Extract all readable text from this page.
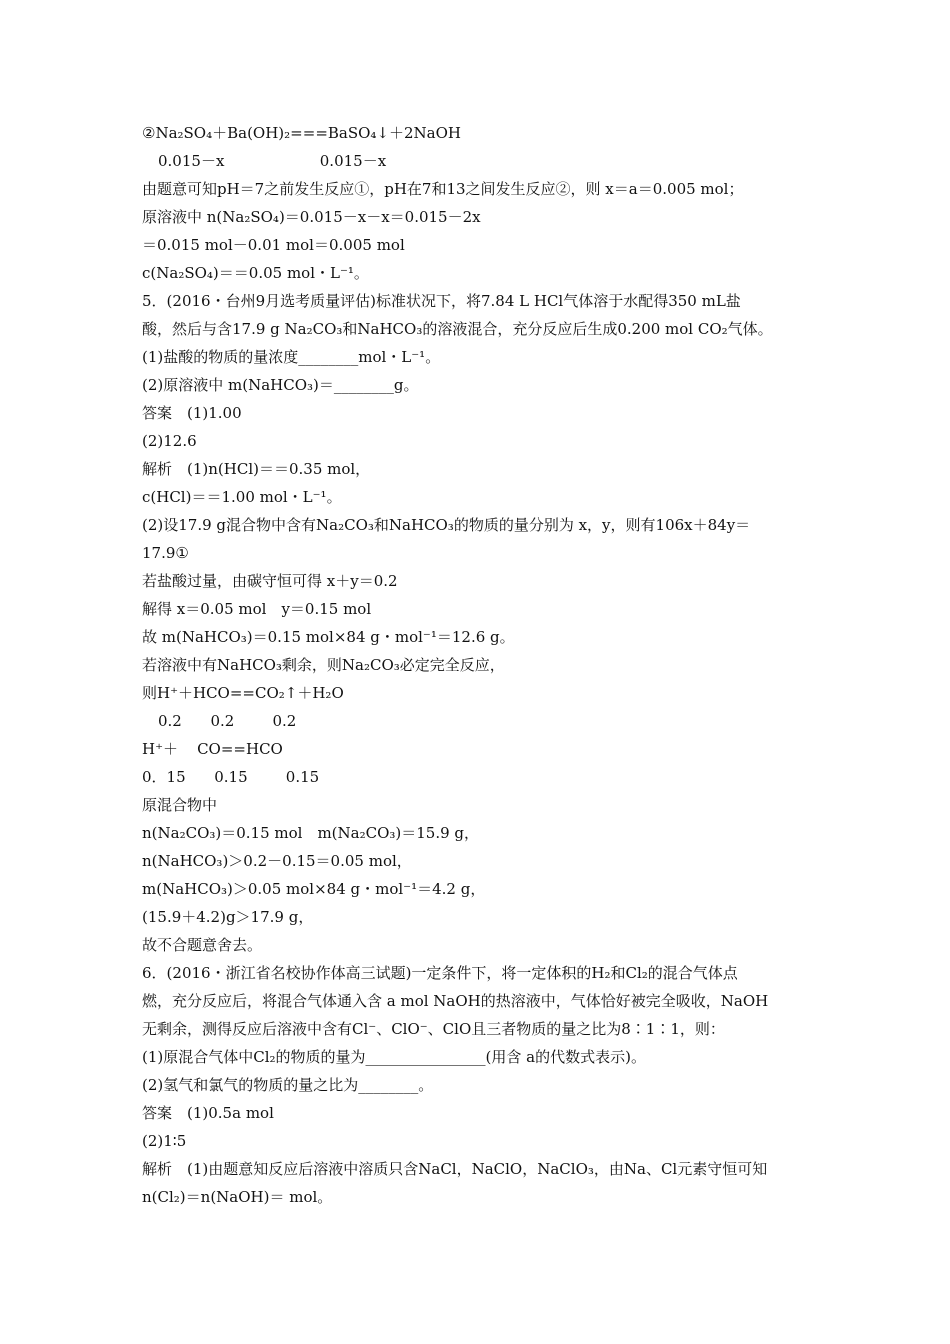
②Na₂SO₄＋Ba(OH)₂===BaSO₄↓＋2NaOH
0.015－x                    0.015－x
由题意可知pH＝7之前发生反应①，pH在7和13之间发生反应②，则 x＝a＝0.005 mol；
原溶液中 n(Na₂SO₄)＝0.015－x－x＝0.015－2x
＝0.015 mol－0.01 mol＝0.005 mol
c(Na₂SO₄)＝＝0.05 mol・L⁻¹。
5．(2016・台州9月选考质量评估)标准状况下，将7.84 L HCl气体溶于水配得350 mL盐
酸，然后与含17.9 g Na₂CO₃和NaHCO₃的溶液混合，充分反应后生成0.200 mol CO₂气体。
(1)盐酸的物质的量浓度________mol・L⁻¹。
(2)原溶液中 m(NaHCO₃)＝________g。
答案　(1)1.00
(2)12.6
解析　(1)n(HCl)＝＝0.35 mol，
c(HCl)＝＝1.00 mol・L⁻¹。
(2)设17.9 g混合物中含有Na₂CO₃和NaHCO₃的物质的量分别为 x，y，则有106x＋84y＝
17.9①
若盐酸过量，由碳守恒可得 x＋y＝0.2
解得 x＝0.05 mol　y＝0.15 mol
故 m(NaHCO₃)＝0.15 mol×84 g・mol⁻¹＝12.6 g。
若溶液中有NaHCO₃剩余，则Na₂CO₃必定完全反应，
则H⁺＋HCO==CO₂↑＋H₂O
0.2      0.2        0.2
H⁺＋    CO==HCO
0．15      0.15        0.15
原混合物中
n(Na₂CO₃)＝0.15 mol　m(Na₂CO₃)＝15.9 g，
n(NaHCO₃)＞0.2－0.15＝0.05 mol，
m(NaHCO₃)＞0.05 mol×84 g・mol⁻¹＝4.2 g，
(15.9＋4.2)g＞17.9 g，
故不合题意舍去。
6．(2016・浙江省名校协作体高三试题)一定条件下，将一定体积的H₂和Cl₂的混合气体点
燃，充分反应后，将混合气体通入含 a mol NaOH的热溶液中，气体恰好被完全吸收，NaOH
无剩余，测得反应后溶液中含有Cl⁻、ClO⁻、ClO且三者物质的量之比为8∶1∶1，则：
(1)原混合气体中Cl₂的物质的量为________________(用含 a的代数式表示)。
(2)氢气和氯气的物质的量之比为________。
答案　(1)0.5a mol
(2)1∶5
解析　(1)由题意知反应后溶液中溶质只含NaCl，NaClO，NaClO₃，由Na、Cl元素守恒可知
n(Cl₂)＝n(NaOH)＝ mol。
